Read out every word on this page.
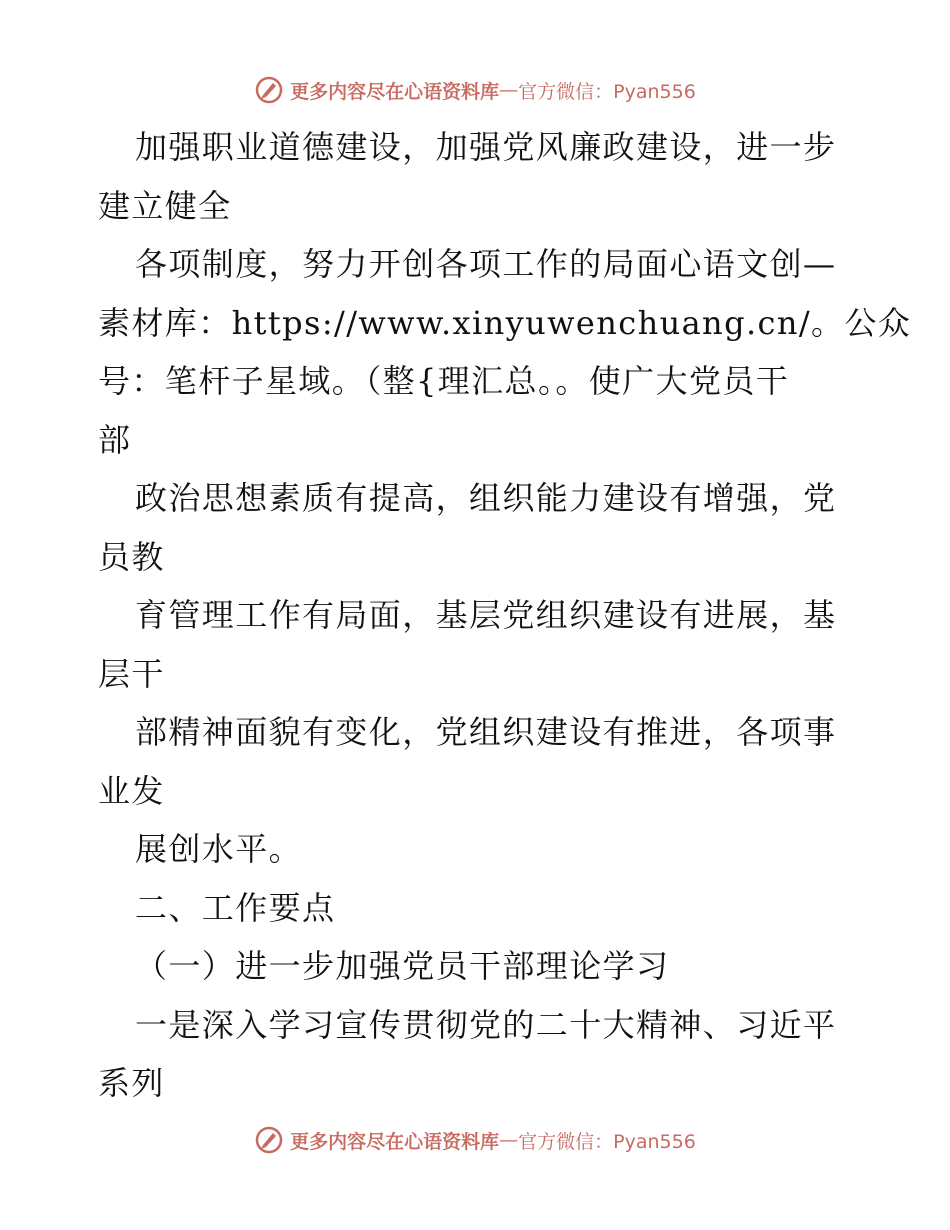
更多内容尽在心语资料库 — 官方微信：Pyan556
加强职业道德建设，加强党风廉政建设，进一步
建立健全
各项制度，努力开创各项工作的局面心语文创—
素材库：https://www.xinyuwenchuang.cn/。公众
号：笔杆子星域。（整{理汇总。。使广大党员干
部
政治思想素质有提高，组织能力建设有增强，党
员教
育管理工作有局面，基层党组织建设有进展，基
层干
部精神面貌有变化，党组织建设有推进，各项事
业发
展创水平。
二、工作要点
（一）进一步加强党员干部理论学习
一是深入学习宣传贯彻党的二十大精神、习近平
系列
更多内容尽在心语资料库 — 官方微信：Pyan556
